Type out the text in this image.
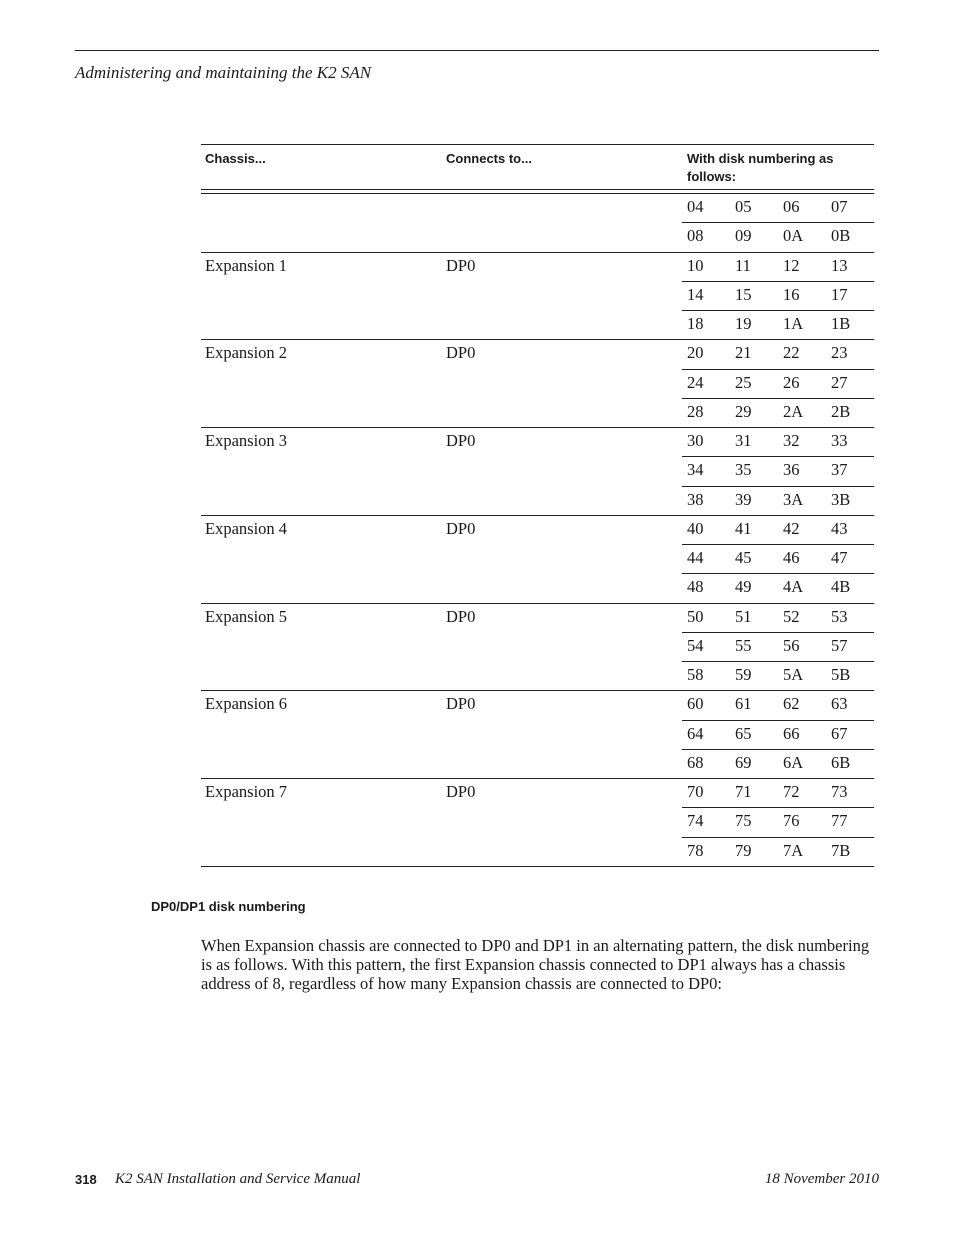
Administering and maintaining the K2 SAN
Chassis...	Connects to...	With disk numbering as follows:
04 05 06 07
08 09 0A 0B
Expansion 1	DP0	10 11 12 13
14 15 16 17
18 19 1A 1B
Expansion 2	DP0	20 21 22 23
24 25 26 27
28 29 2A 2B
Expansion 3	DP0	30 31 32 33
34 35 36 37
38 39 3A 3B
Expansion 4	DP0	40 41 42 43
44 45 46 47
48 49 4A 4B
Expansion 5	DP0	50 51 52 53
54 55 56 57
58 59 5A 5B
Expansion 6	DP0	60 61 62 63
64 65 66 67
68 69 6A 6B
Expansion 7	DP0	70 71 72 73
74 75 76 77
78 79 7A 7B
DP0/DP1 disk numbering
When Expansion chassis are connected to DP0 and DP1 in an alternating pattern, the disk numbering is as follows. With this pattern, the first Expansion chassis connected to DP1 always has a chassis address of 8, regardless of how many Expansion chassis are connected to DP0:
318 K2 SAN Installation and Service Manual	18 November 2010
